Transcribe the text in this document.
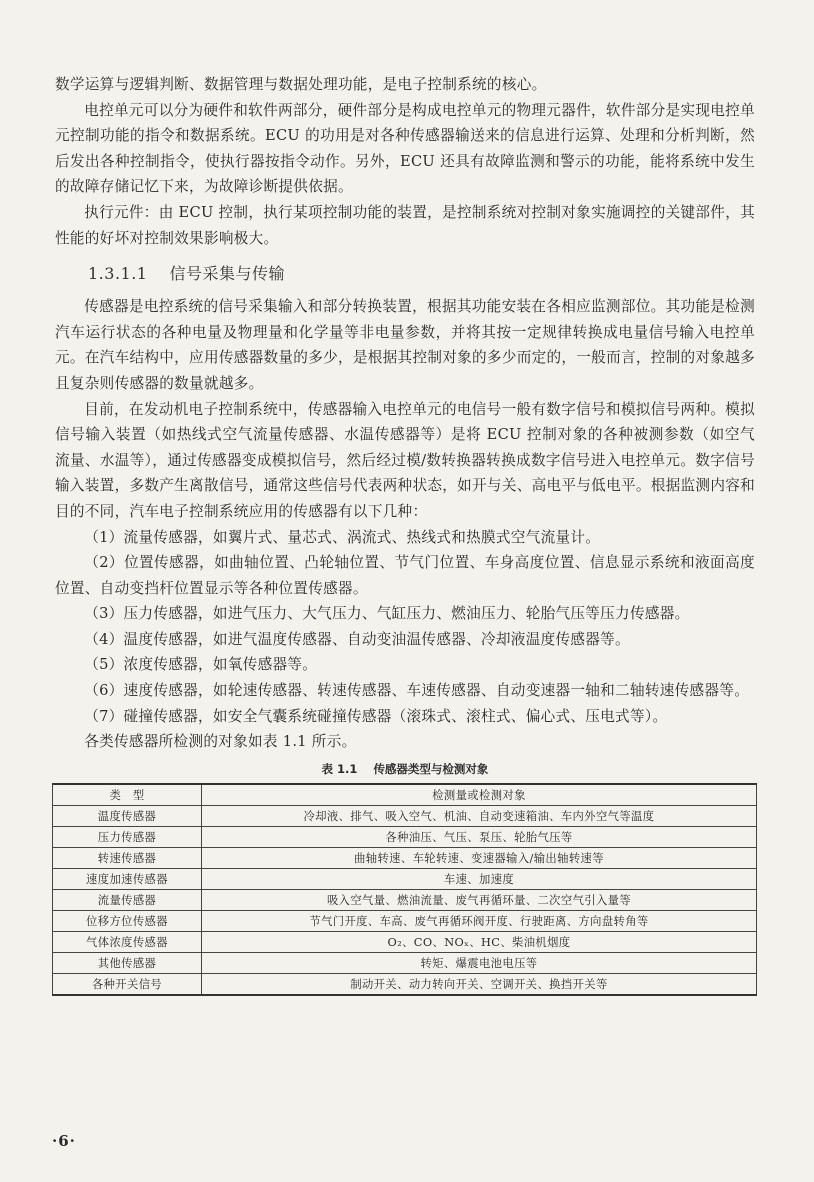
数学运算与逻辑判断、数据管理与数据处理功能，是电子控制系统的核心。

电控单元可以分为硬件和软件两部分，硬件部分是构成电控单元的物理元器件，软件部分是实现电控单元控制功能的指令和数据系统。ECU 的功用是对各种传感器输送来的信息进行运算、处理和分析判断，然后发出各种控制指令，使执行器按指令动作。另外，ECU 还具有故障监测和警示的功能，能将系统中发生的故障存储记忆下来，为故障诊断提供依据。

执行元件：由 ECU 控制，执行某项控制功能的装置，是控制系统对控制对象实施调控的关键部件，其性能的好坏对控制效果影响极大。

1.3.1.1 信号采集与传输

传感器是电控系统的信号采集输入和部分转换装置，根据其功能安装在各相应监测部位。其功能是检测汽车运行状态的各种电量及物理量和化学量等非电量参数，并将其按一定规律转换成电量信号输入电控单元。在汽车结构中，应用传感器数量的多少，是根据其控制对象的多少而定的，一般而言，控制的对象越多且复杂则传感器的数量就越多。

目前，在发动机电子控制系统中，传感器输入电控单元的电信号一般有数字信号和模拟信号两种。模拟信号输入装置（如热线式空气流量传感器、水温传感器等）是将 ECU 控制对象的各种被测参数（如空气流量、水温等），通过传感器变成模拟信号，然后经过模/数转换器转换成数字信号进入电控单元。数字信号输入装置，多数产生离散信号，通常这些信号代表两种状态，如开与关、高电平与低电平。根据监测内容和目的不同，汽车电子控制系统应用的传感器有以下几种：

（1）流量传感器，如翼片式、量芯式、涡流式、热线式和热膜式空气流量计。

（2）位置传感器，如曲轴位置、凸轮轴位置、节气门位置、车身高度位置、信息显示系统和液面高度位置、自动变挡杆位置显示等各种位置传感器。

（3）压力传感器，如进气压力、大气压力、气缸压力、燃油压力、轮胎气压等压力传感器。

（4）温度传感器，如进气温度传感器、自动变油温传感器、冷却液温度传感器等。

（5）浓度传感器，如氧传感器等。

（6）速度传感器，如轮速传感器、转速传感器、车速传感器、自动变速器一轴和二轴转速传感器等。

（7）碰撞传感器，如安全气囊系统碰撞传感器（滚珠式、滚柱式、偏心式、压电式等）。

各类传感器所检测的对象如表 1.1 所示。

表 1.1 传感器类型与检测对象
类　型	检测量或检测对象
温度传感器	冷却液、排气、吸入空气、机油、自动变速箱油、车内外空气等温度
压力传感器	各种油压、气压、泵压、轮胎气压等
转速传感器	曲轴转速、车轮转速、变速器输入/输出轴转速等
速度加速传感器	车速、加速度
流量传感器	吸入空气量、燃油流量、废气再循环量、二次空气引入量等
位移方位传感器	节气门开度、车高、废气再循环阀开度、行驶距离、方向盘转角等
气体浓度传感器	O₂、CO、NOₓ、HC、柴油机烟度
其他传感器	转矩、爆震电池电压等
各种开关信号	制动开关、动力转向开关、空调开关、换挡开关等
·6·
